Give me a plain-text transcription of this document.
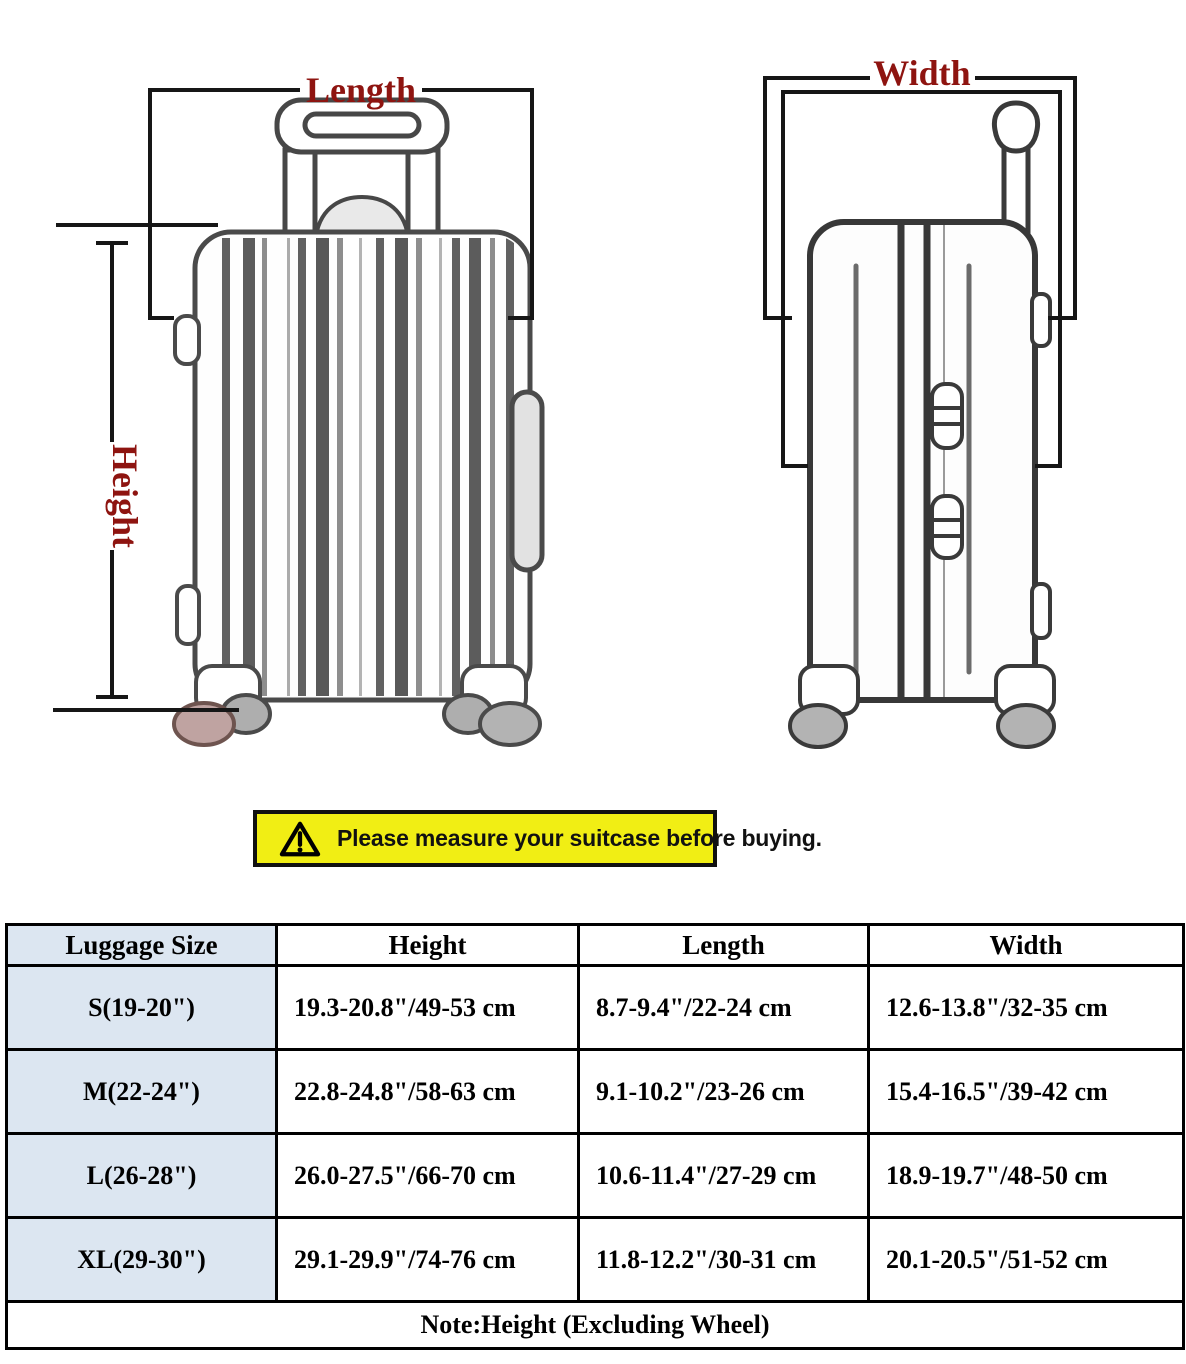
Length
Height
Width
Please measure your suitcase before buying.
Luggage Size	Height	Length	Width
S(19-20")	19.3-20.8"/49-53 cm	8.7-9.4"/22-24 cm	12.6-13.8"/32-35 cm
M(22-24")	22.8-24.8"/58-63 cm	9.1-10.2"/23-26 cm	15.4-16.5"/39-42 cm
L(26-28")	26.0-27.5"/66-70 cm	10.6-11.4"/27-29 cm	18.9-19.7"/48-50 cm
XL(29-30")	29.1-29.9"/74-76 cm	11.8-12.2"/30-31 cm	20.1-20.5"/51-52 cm
Note:Height (Excluding Wheel)			
